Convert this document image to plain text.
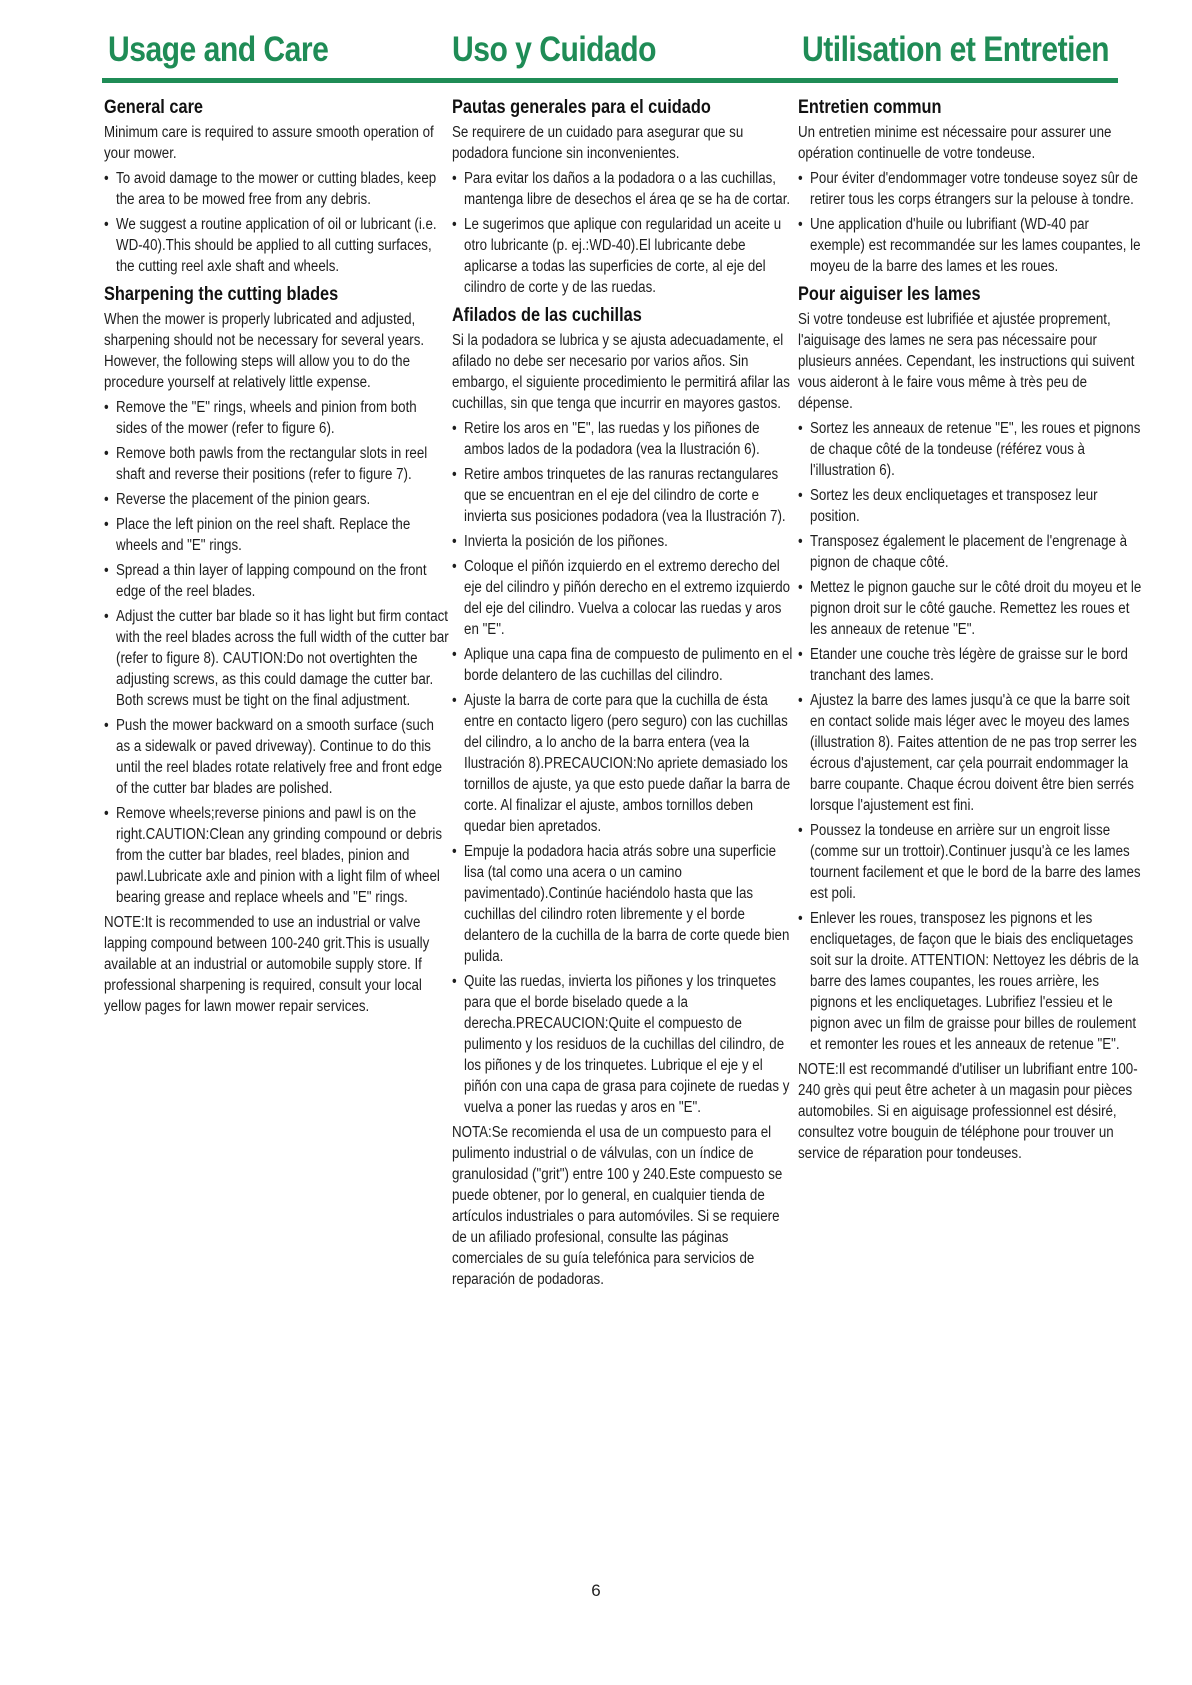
Usage and Care	Uso y Cuidado	Utilisation et Entretien
General care

Minimum care is required to assure smooth operation of your mower.

• To avoid damage to the mower or cutting blades, keep the area to be mowed free from any debris.
• We suggest a routine application of oil or lubricant (i.e. WD-40).This should be applied to all cutting surfaces, the cutting reel axle shaft and wheels.
Sharpening the cutting blades

When the mower is properly lubricated and adjusted, sharpening should not be necessary for several years. However, the following steps will allow you to do the procedure yourself at relatively little expense.

• Remove the "E" rings, wheels and pinion from both sides of the mower (refer to figure 6).
• Remove both pawls from the rectangular slots in reel shaft and reverse their positions (refer to figure 7).
• Reverse the placement of the pinion gears.
• Place the left pinion on the reel shaft. Replace the wheels and "E" rings.
• Spread a thin layer of lapping compound on the front edge of the reel blades.
• Adjust the cutter bar blade so it has light but firm contact with the reel blades across the full width of the cutter bar (refer to figure 8). CAUTION:Do not overtighten the adjusting screws, as this could damage the cutter bar. Both screws must be tight on the final adjustment.
• Push the mower backward on a smooth surface (such as a sidewalk or paved driveway). Continue to do this until the reel blades rotate relatively free and front edge of the cutter bar blades are polished.
• Remove wheels;reverse pinions and pawl is on the right.CAUTION:Clean any grinding compound or debris from the cutter bar blades, reel blades, pinion and pawl.Lubricate axle and pinion with a light film of wheel bearing grease and replace wheels and "E" rings.

NOTE:It is recommended to use an industrial or valve lapping compound between 100-240 grit.This is usually available at an industrial or automobile supply store. If professional sharpening is required, consult your local yellow pages for lawn mower repair services.

Pautas generales para el cuidado

Se requirere de un cuidado para asegurar que su podadora funcione sin inconvenientes.

• Para evitar los daños a la podadora o a las cuchillas, mantenga libre de desechos el área qe se ha de cortar.
• Le sugerimos que aplique con regularidad un aceite u otro lubricante (p. ej.:WD-40).El lubricante debe aplicarse a todas las superficies de corte, al eje del cilindro de corte y de las ruedas.
Afilados de las cuchillas

Si la podadora se lubrica y se ajusta adecuadamente, el afilado no debe ser necesario por varios años. Sin embargo, el siguiente procedimiento le permitirá afilar las cuchillas, sin que tenga que incurrir en mayores gastos.

• Retire los aros en "E", las ruedas y los piñones de ambos lados de la podadora (vea la Ilustración 6).
• Retire ambos trinquetes de las ranuras rectangulares que se encuentran en el eje del cilindro de corte e invierta sus posiciones podadora (vea la Ilustración 7).
• Invierta la posición de los piñones.
• Coloque el piñón izquierdo en el extremo derecho del eje del cilindro y piñón derecho en el extremo izquierdo del eje del cilindro. Vuelva a colocar las ruedas y aros en "E".
• Aplique una capa fina de compuesto de pulimento en el borde delantero de las cuchillas del cilindro.
• Ajuste la barra de corte para que la cuchilla de ésta entre en contacto ligero (pero seguro) con las cuchillas del cilindro, a lo ancho de la barra entera (vea la Ilustración 8).PRECAUCION:No apriete demasiado los tornillos de ajuste, ya que esto puede dañar la barra de corte. Al finalizar el ajuste, ambos tornillos deben quedar bien apretados.
• Empuje la podadora hacia atrás sobre una superficie lisa (tal como una acera o un camino pavimentado).Continúe haciéndolo hasta que las cuchillas del cilindro roten libremente y el borde delantero de la cuchilla de la barra de corte quede bien pulida.
• Quite las ruedas, invierta los piñones y los trinquetes para que el borde biselado quede a la derecha.PRECAUCION:Quite el compuesto de pulimento y los residuos de la cuchillas del cilindro, de los piñones y de los trinquetes. Lubrique el eje y el piñón con una capa de grasa para cojinete de ruedas y vuelva a poner las ruedas y aros en "E".

NOTA:Se recomienda el usa de un compuesto para el pulimento industrial o de válvulas, con un índice de granulosidad ("grit") entre 100 y 240.Este compuesto se puede obtener, por lo general, en cualquier tienda de artículos industriales o para automóviles. Si se requiere de un afiliado profesional, consulte las páginas comerciales de su guía telefónica para servicios de reparación de podadoras.

Entretien commun

Un entretien minime est nécessaire pour assurer une opération continuelle de votre tondeuse.

• Pour éviter d'endommager votre tondeuse soyez sûr de retirer tous les corps étrangers sur la pelouse à tondre.
• Une application d'huile ou lubrifiant (WD-40 par exemple) est recommandée sur les lames coupantes, le moyeu de la barre des lames et les roues.
Pour aiguiser les lames

Si votre tondeuse est lubrifiée et ajustée proprement, l'aiguisage des lames ne sera pas nécessaire pour plusieurs années. Cependant, les instructions qui suivent vous aideront à le faire vous même à très peu de dépense.

• Sortez les anneaux de retenue "E", les roues et pignons de chaque côté de la tondeuse (référez vous à l'illustration 6).
• Sortez les deux encliquetages et transposez leur position.
• Transposez également le placement de l'engrenage à pignon de chaque côté.
• Mettez le pignon gauche sur le côté droit du moyeu et le pignon droit sur le côté gauche. Remettez les roues et les anneaux de retenue "E".
• Etander une couche très légère de graisse sur le bord tranchant des lames.
• Ajustez la barre des lames jusqu'à ce que la barre soit en contact solide mais léger avec le moyeu des lames (illustration 8). Faites attention de ne pas trop serrer les écrous d'ajustement, car çela pourrait endommager la barre coupante. Chaque écrou doivent être bien serrés lorsque l'ajustement est fini.
• Poussez la tondeuse en arrière sur un engroit lisse (comme sur un trottoir).Continuer jusqu'à ce les lames tournent facilement et que le bord de la barre des lames est poli.
• Enlever les roues, transposez les pignons et les encliquetages, de façon que le biais des encliquetages soit sur la droite. ATTENTION: Nettoyez les débris de la barre des lames coupantes, les roues arrière, les pignons et les encliquetages. Lubrifiez l'essieu et le pignon avec un film de graisse pour billes de roulement et remonter les roues et les anneaux de retenue "E".

NOTE:Il est recommandé d'utiliser un lubrifiant entre 100-240 grès qui peut être acheter à un magasin pour pièces automobiles. Si en aiguisage professionnel est désiré, consultez votre bouguin de téléphone pour trouver un service de réparation pour tondeuses.

6
